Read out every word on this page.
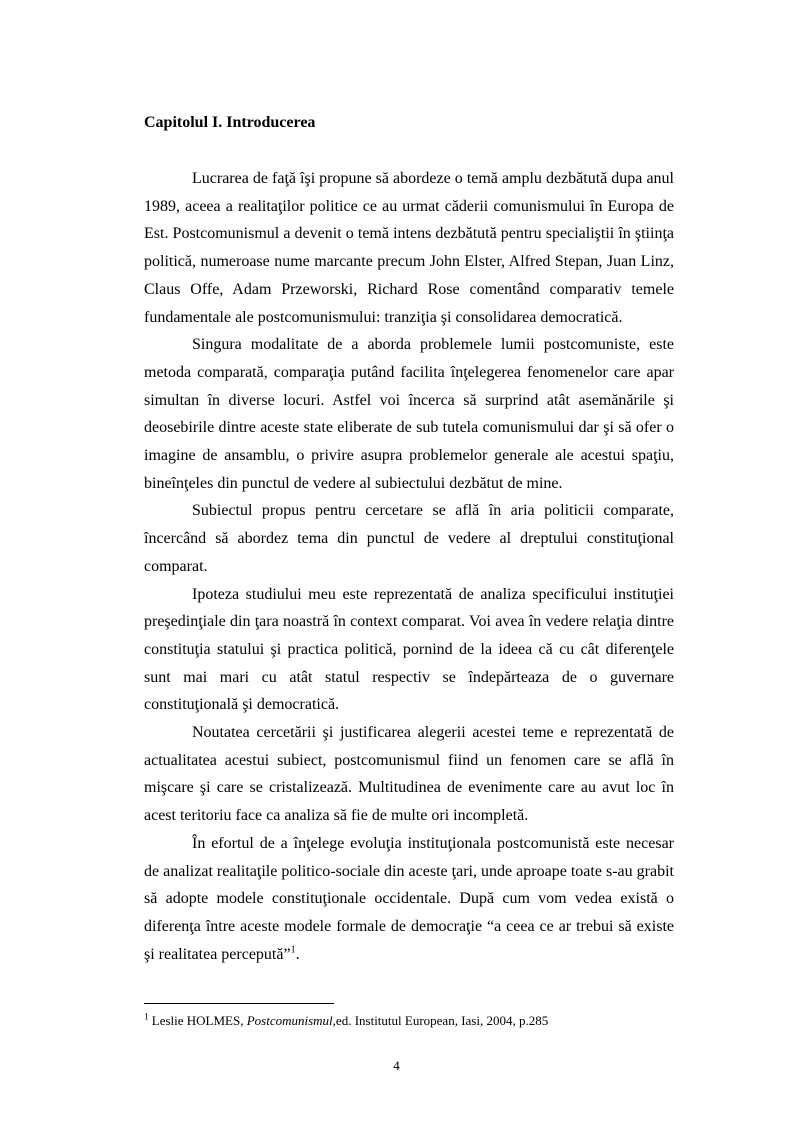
Capitolul I. Introducerea

Lucrarea de faţă îşi propune să abordeze o temă amplu dezbătută dupa anul 1989, aceea a realitaţilor politice ce au urmat căderii comunismului în Europa de Est. Postcomunismul a devenit o temă intens dezbătută pentru specialiştii în ştiinţa politică, numeroase nume marcante precum John Elster, Alfred Stepan, Juan Linz, Claus Offe, Adam Przeworski, Richard Rose comentând comparativ temele fundamentale ale postcomunismului: tranziţia şi consolidarea democratică.

Singura modalitate de a aborda problemele lumii postcomuniste, este metoda comparată, comparaţia putând facilita înţelegerea fenomenelor care apar simultan în diverse locuri. Astfel voi încerca să surprind atât asemănările şi deosebirile dintre aceste state eliberate de sub tutela comunismului dar şi să ofer o imagine de ansamblu, o privire asupra problemelor generale ale acestui spaţiu, bineînţeles din punctul de vedere al subiectului dezbătut de mine.

Subiectul propus pentru cercetare se află în aria politicii comparate, încercând să abordez tema din punctul de vedere al dreptului constituţional comparat.

Ipoteza studiului meu este reprezentată de analiza specificului instituţiei preşedinţiale din ţara noastră în context comparat. Voi avea în vedere relaţia dintre constituţia statului şi practica politică, pornind de la ideea că cu cât diferenţele sunt mai mari cu atât statul respectiv se îndepărteaza de o guvernare constituţională şi democratică.

Noutatea cercetării şi justificarea alegerii acestei teme e reprezentată de actualitatea acestui subiect, postcomunismul fiind un fenomen care se află în mişcare şi care se cristalizează. Multitudinea de evenimente care au avut loc în acest teritoriu face ca analiza să fie de multe ori incompletă.

În efortul de a înţelege evoluţia instituţionala postcomunistă este necesar de analizat realitaţile politico-sociale din aceste ţari, unde aproape toate s-au grabit să adopte modele constituţionale occidentale. După cum vom vedea există o diferenţa între aceste modele formale de democraţie “a ceea ce ar trebui să existe şi realitatea percepută”$^1$.

$^1$ Leslie HOLMES, Postcomunismul,ed. Institutul European, Iasi, 2004, p.285
4
